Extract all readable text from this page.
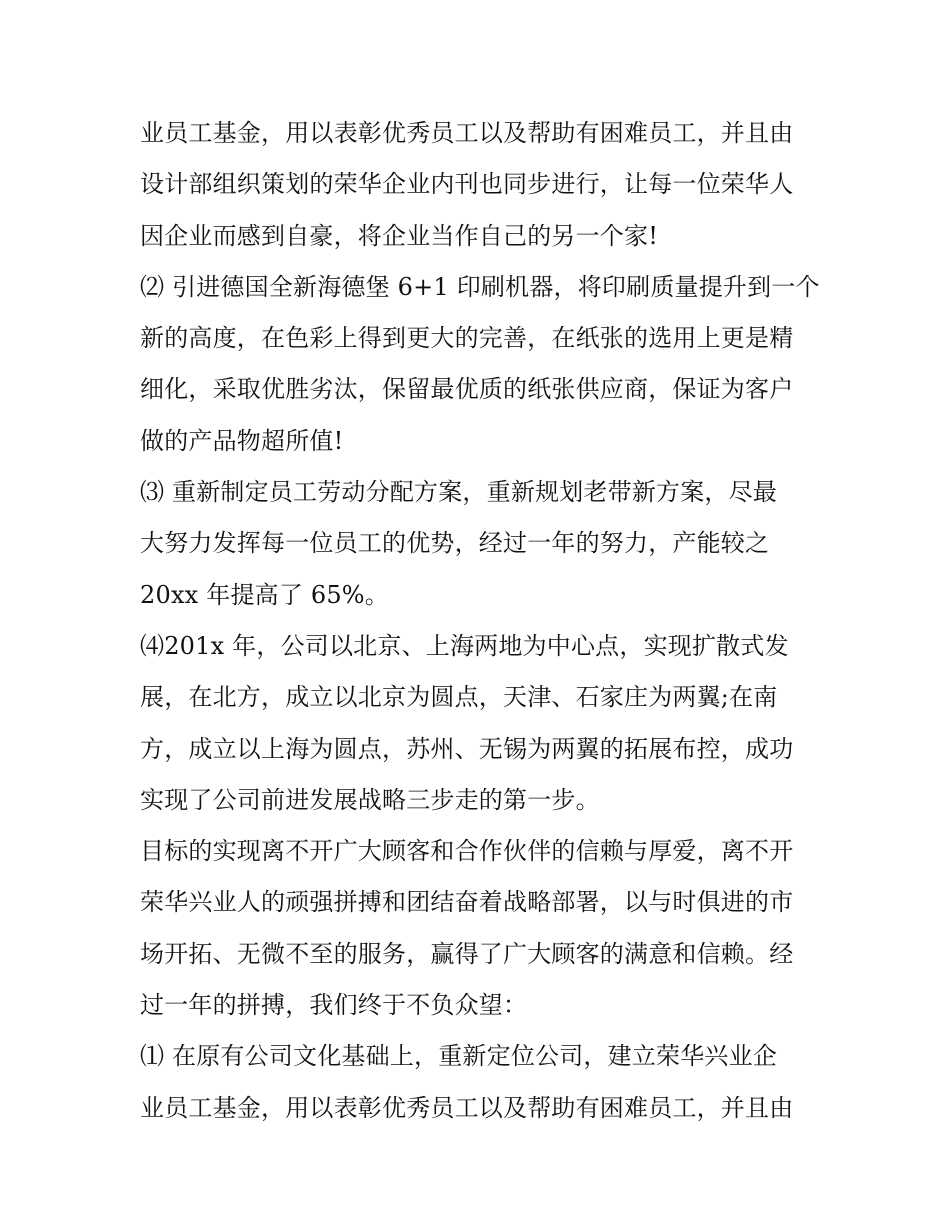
业员工基金，用以表彰优秀员工以及帮助有困难员工，并且由
设计部组织策划的荣华企业内刊也同步进行，让每一位荣华人
因企业而感到自豪，将企业当作自己的另一个家!
⑵ 引进德国全新海德堡 6+1 印刷机器，将印刷质量提升到一个
新的高度，在色彩上得到更大的完善，在纸张的选用上更是精
细化，采取优胜劣汰，保留最优质的纸张供应商，保证为客户
做的产品物超所值!
⑶ 重新制定员工劳动分配方案，重新规划老带新方案，尽最
大努力发挥每一位员工的优势，经过一年的努力，产能较之
20xx 年提高了 65%。
⑷201x 年，公司以北京、上海两地为中心点，实现扩散式发
展，在北方，成立以北京为圆点，天津、石家庄为两翼;在南
方，成立以上海为圆点，苏州、无锡为两翼的拓展布控，成功
实现了公司前进发展战略三步走的第一步。
目标的实现离不开广大顾客和合作伙伴的信赖与厚爱，离不开
荣华兴业人的顽强拼搏和团结奋着战略部署，以与时俱进的市
场开拓、无微不至的服务，赢得了广大顾客的满意和信赖。经
过一年的拼搏，我们终于不负众望：
⑴ 在原有公司文化基础上，重新定位公司，建立荣华兴业企
业员工基金，用以表彰优秀员工以及帮助有困难员工，并且由
